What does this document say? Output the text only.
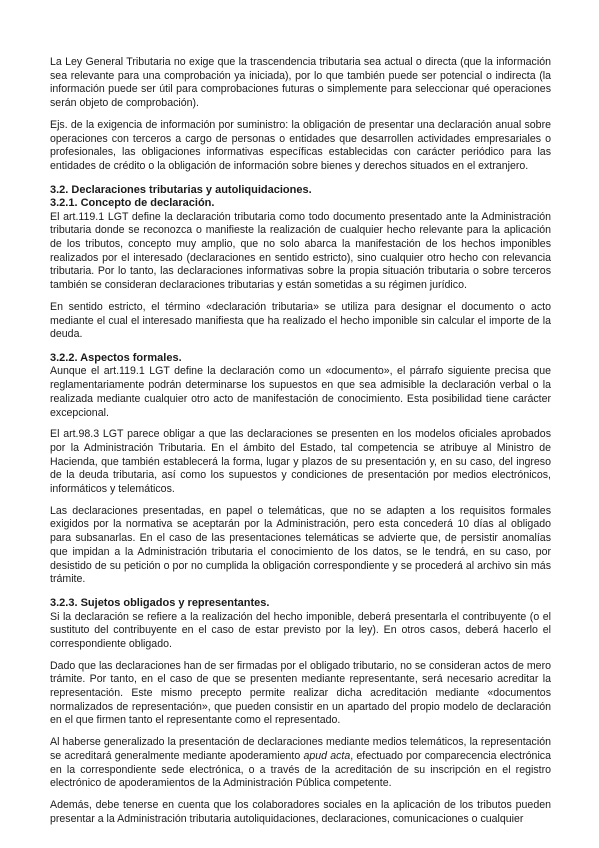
La Ley General Tributaria no exige que la trascendencia tributaria sea actual o directa (que la información sea relevante para una comprobación ya iniciada), por lo que también puede ser potencial o indirecta (la información puede ser útil para comprobaciones futuras o simplemente para seleccionar qué operaciones serán objeto de comprobación).

Ejs. de la exigencia de información por suministro: la obligación de presentar una declaración anual sobre operaciones con terceros a cargo de personas o entidades que desarrollen actividades empresariales o profesionales, las obligaciones informativas específicas establecidas con carácter periódico para las entidades de crédito o la obligación de información sobre bienes y derechos situados en el extranjero.

3.2. Declaraciones tributarias y autoliquidaciones.
3.2.1. Concepto de declaración.

El art.119.1 LGT define la declaración tributaria como todo documento presentado ante la Administración tributaria donde se reconozca o manifieste la realización de cualquier hecho relevante para la aplicación de los tributos, concepto muy amplio, que no solo abarca la manifestación de los hechos imponibles realizados por el interesado (declaraciones en sentido estricto), sino cualquier otro hecho con relevancia tributaria. Por lo tanto, las declaraciones informativas sobre la propia situación tributaria o sobre terceros también se consideran declaraciones tributarias y están sometidas a su régimen jurídico.

En sentido estricto, el término «declaración tributaria» se utiliza para designar el documento o acto mediante el cual el interesado manifiesta que ha realizado el hecho imponible sin calcular el importe de la deuda.

3.2.2. Aspectos formales.

Aunque el art.119.1 LGT define la declaración como un «documento», el párrafo siguiente precisa que reglamentariamente podrán determinarse los supuestos en que sea admisible la declaración verbal o la realizada mediante cualquier otro acto de manifestación de conocimiento. Esta posibilidad tiene carácter excepcional.

El art.98.3 LGT parece obligar a que las declaraciones se presenten en los modelos oficiales aprobados por la Administración Tributaria. En el ámbito del Estado, tal competencia se atribuye al Ministro de Hacienda, que también establecerá la forma, lugar y plazos de su presentación y, en su caso, del ingreso de la deuda tributaria, así como los supuestos y condiciones de presentación por medios electrónicos, informáticos y telemáticos.

Las declaraciones presentadas, en papel o telemáticas, que no se adapten a los requisitos formales exigidos por la normativa se aceptarán por la Administración, pero esta concederá 10 días al obligado para subsanarlas. En el caso de las presentaciones telemáticas se advierte que, de persistir anomalías que impidan a la Administración tributaria el conocimiento de los datos, se le tendrá, en su caso, por desistido de su petición o por no cumplida la obligación correspondiente y se procederá al archivo sin más trámite.

3.2.3. Sujetos obligados y representantes.

Si la declaración se refiere a la realización del hecho imponible, deberá presentarla el contribuyente (o el sustituto del contribuyente en el caso de estar previsto por la ley). En otros casos, deberá hacerlo el correspondiente obligado.

Dado que las declaraciones han de ser firmadas por el obligado tributario, no se consideran actos de mero trámite. Por tanto, en el caso de que se presenten mediante representante, será necesario acreditar la representación. Este mismo precepto permite realizar dicha acreditación mediante «documentos normalizados de representación», que pueden consistir en un apartado del propio modelo de declaración en el que firmen tanto el representante como el representado.

Al haberse generalizado la presentación de declaraciones mediante medios telemáticos, la representación se acreditará generalmente mediante apoderamiento apud acta, efectuado por comparecencia electrónica en la correspondiente sede electrónica, o a través de la acreditación de su inscripción en el registro electrónico de apoderamientos de la Administración Pública competente.

Además, debe tenerse en cuenta que los colaboradores sociales en la aplicación de los tributos pueden presentar a la Administración tributaria autoliquidaciones, declaraciones, comunicaciones o cualquier
